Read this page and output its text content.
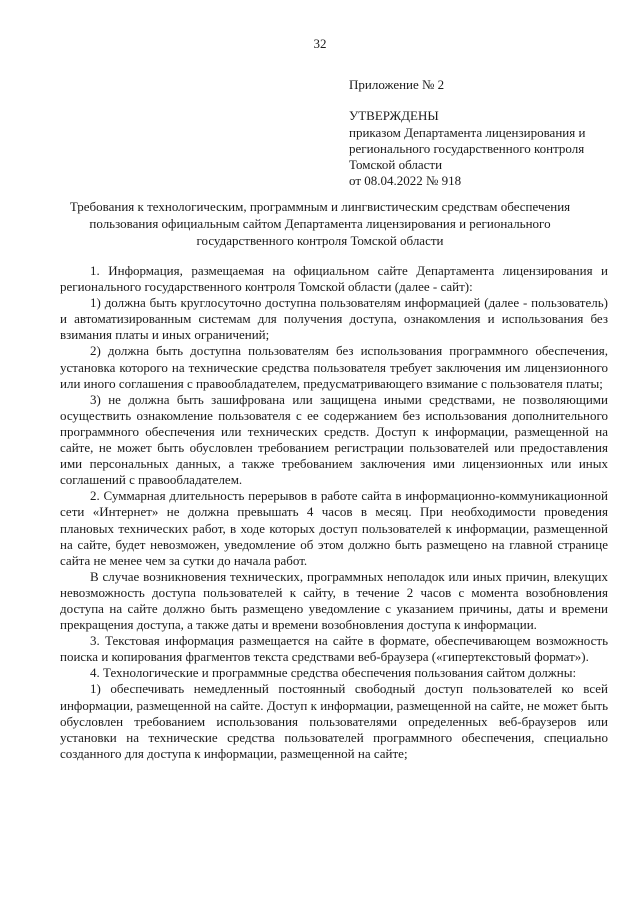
32
Приложение № 2
УТВЕРЖДЕНЫ
приказом Департамента лицензирования и
регионального государственного контроля
Томской области
от 08.04.2022 № 918
Требования к технологическим, программным и лингвистическим средствам обеспечения
пользования официальным сайтом Департамента лицензирования и регионального
государственного контроля Томской области

1. Информация, размещаемая на официальном сайте Департамента лицензирования и регионального государственного контроля Томской области (далее - сайт):

1) должна быть круглосуточно доступна пользователям информацией (далее - пользователь) и автоматизированным системам для получения доступа, ознакомления и использования без взимания платы и иных ограничений;

2) должна быть доступна пользователям без использования программного обеспечения, установка которого на технические средства пользователя требует заключения им лицензионного или иного соглашения с правообладателем, предусматривающего взимание с пользователя платы;

3) не должна быть зашифрована или защищена иными средствами, не позволяющими осуществить ознакомление пользователя с ее содержанием без использования дополнительного программного обеспечения или технических средств. Доступ к информации, размещенной на сайте, не может быть обусловлен требованием регистрации пользователей или предоставления ими персональных данных, а также требованием заключения ими лицензионных или иных соглашений с правообладателем.

2. Суммарная длительность перерывов в работе сайта в информационно-коммуникационной сети «Интернет» не должна превышать 4 часов в месяц. При необходимости проведения плановых технических работ, в ходе которых доступ пользователей к информации, размещенной на сайте, будет невозможен, уведомление об этом должно быть размещено на главной странице сайта не менее чем за сутки до начала работ.

В случае возникновения технических, программных неполадок или иных причин, влекущих невозможность доступа пользователей к сайту, в течение 2 часов с момента возобновления доступа на сайте должно быть размещено уведомление с указанием причины, даты и времени прекращения доступа, а также даты и времени возобновления доступа к информации.

3. Текстовая информация размещается на сайте в формате, обеспечивающем возможность поиска и копирования фрагментов текста средствами веб-браузера («гипертекстовый формат»).

4. Технологические и программные средства обеспечения пользования сайтом должны:

1) обеспечивать немедленный постоянный свободный доступ пользователей ко всей информации, размещенной на сайте. Доступ к информации, размещенной на сайте, не может быть обусловлен требованием использования пользователями определенных веб-браузеров или установки на технические средства пользователей программного обеспечения, специально созданного для доступа к информации, размещенной на сайте;
